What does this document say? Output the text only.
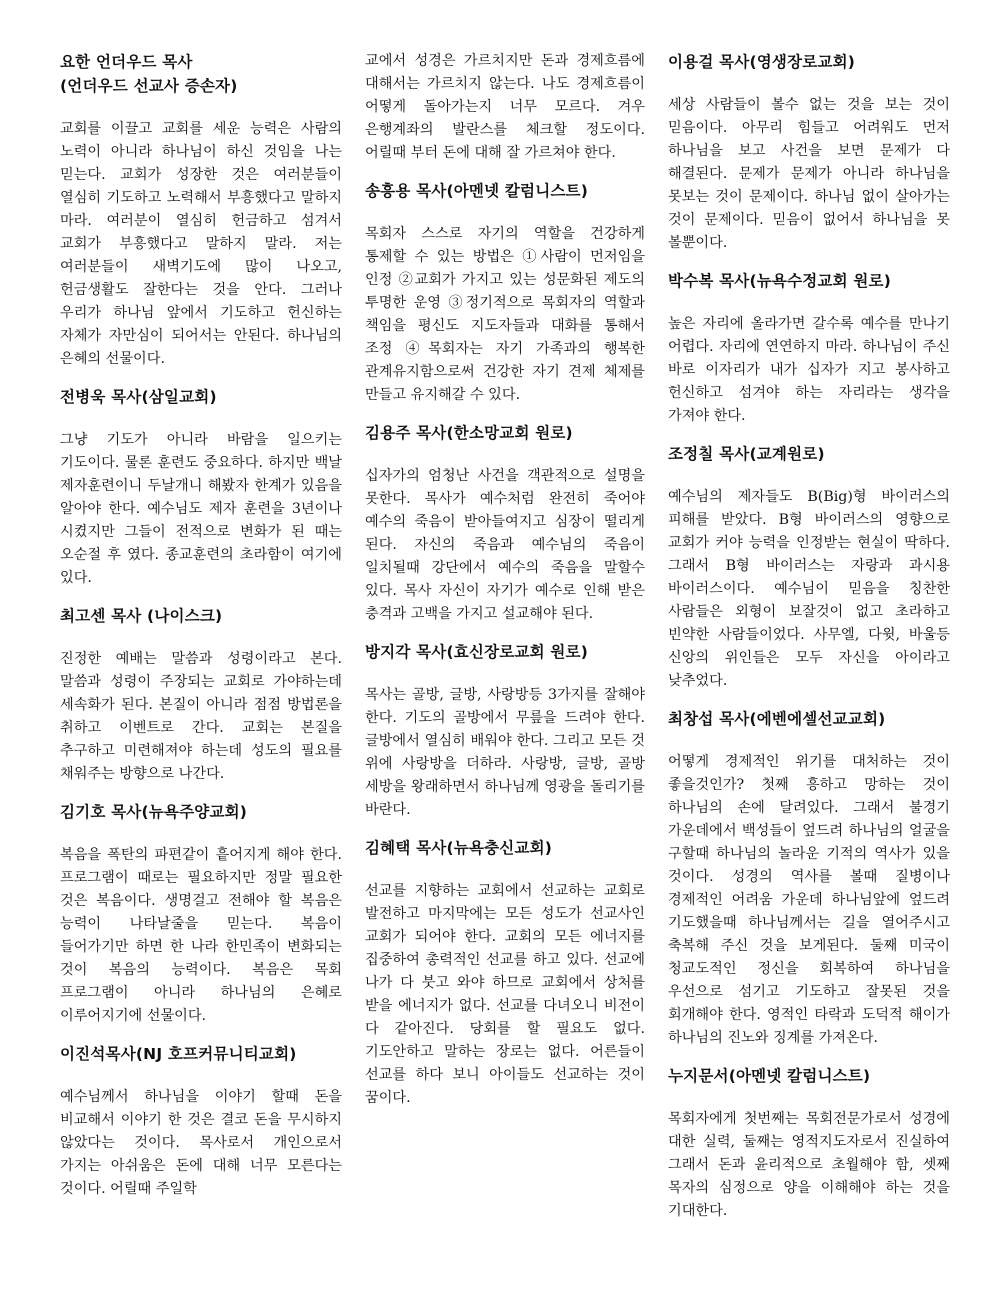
요한 언더우드 목사
(언더우드 선교사 증손자)

교회를 이끌고 교회를 세운 능력은 사람의 노력이 아니라 하나님이 하신 것임을 나는 믿는다. 교회가 성장한 것은 여러분들이 열심히 기도하고 노력해서 부흥했다고 말하지 마라. 여러분이 열심히 헌금하고 섬겨서 교회가 부흥했다고 말하지 말라. 저는 여러분들이 새벽기도에 많이 나오고, 헌금생활도 잘한다는 것을 안다. 그러나 우리가 하나님 앞에서 기도하고 헌신하는 자체가 자만심이 되어서는 안된다. 하나님의 은혜의 선물이다.

전병욱 목사(삼일교회)

그냥 기도가 아니라 바람을 일으키는 기도이다. 물론 훈련도 중요하다. 하지만 백날 제자훈련이니 두날개니 해봤자 한계가 있음을 알아야 한다. 예수님도 제자 훈련을 3년이나 시켰지만 그들이 전적으로 변화가 된 때는 오순절 후 였다. 종교훈련의 초라함이 여기에 있다.

최고센 목사 (나이스크)

진정한 예배는 말씀과 성령이라고 본다. 말씀과 성령이 주장되는 교회로 가야하는데 세속화가 된다. 본질이 아니라 점점 방법론을 취하고 이벤트로 간다. 교회는 본질을 추구하고 미련해져야 하는데 성도의 필요를 채워주는 방향으로 나간다.

김기호 목사(뉴욕주양교회)

복음을 폭탄의 파편같이 흩어지게 해야 한다. 프로그램이 때로는 필요하지만 정말 필요한 것은 복음이다. 생명걸고 전해야 할 복음은 능력이 나타날줄을 믿는다. 복음이 들어가기만 하면 한 나라 한민족이 변화되는 것이 복음의 능력이다. 복음은 목회 프로그램이 아니라 하나님의 은혜로 이루어지기에 선물이다.

이진석목사(NJ 호프커뮤니티교회)

예수님께서 하나님을 이야기 할때 돈을 비교해서 이야기 한 것은 결코 돈을 무시하지 않았다는 것이다. 목사로서 개인으로서 가지는 아쉬움은 돈에 대해 너무 모른다는 것이다. 어릴때 주일학

교에서 성경은 가르치지만 돈과 경제흐름에 대해서는 가르치지 않는다. 나도 경제흐름이 어떻게 돌아가는지 너무 모르다. 겨우 은행계좌의 발란스를 체크할 정도이다. 어릴때 부터 돈에 대해 잘 가르쳐야 한다.

송흥용 목사(아멘넷 칼럼니스트)

목회자 스스로 자기의 역할을 건강하게 통제할 수 있는 방법은 ①사람이 먼저임을 인정 ②교회가 가지고 있는 성문화된 제도의 투명한 운영 ③정기적으로 목회자의 역할과 책임을 평신도 지도자들과 대화를 통해서 조정 ④목회자는 자기 가족과의 행복한 관계유지함으로써 건강한 자기 견제 체제를 만들고 유지해갈 수 있다.

김용주 목사(한소망교회 원로)

십자가의 엄청난 사건을 객관적으로 설명을 못한다. 목사가 예수처럼 완전히 죽어야 예수의 죽음이 받아들여지고 심장이 떨리게 된다. 자신의 죽음과 예수님의 죽음이 일치될때 강단에서 예수의 죽음을 말할수 있다. 목사 자신이 자기가 예수로 인해 받은 충격과 고백을 가지고 설교해야 된다.

방지각 목사(효신장로교회 원로)

목사는 골방, 글방, 사랑방등 3가지를 잘해야 한다. 기도의 골방에서 무릎을 드려야 한다. 글방에서 열심히 배워야 한다. 그리고 모든 것 위에 사랑방을 더하라. 사랑방, 글방, 골방 세방을 왕래하면서 하나님께 영광을 돌리기를 바란다.

김혜택 목사(뉴욕충신교회)

선교를 지향하는 교회에서 선교하는 교회로 발전하고 마지막에는 모든 성도가 선교사인 교회가 되어야 한다. 교회의 모든 에너지를 집중하여 총력적인 선교를 하고 있다. 선교에 나가 다 붓고 와야 하므로 교회에서 상처를 받을 에너지가 없다. 선교를 다녀오니 비전이 다 같아진다. 당회를 할 필요도 없다. 기도안하고 말하는 장로는 없다. 어른들이 선교를 하다 보니 아이들도 선교하는 것이 꿈이다.

이용걸 목사(영생장로교회)

세상 사람들이 볼수 없는 것을 보는 것이 믿음이다. 아무리 힘들고 어려워도 먼저 하나님을 보고 사건을 보면 문제가 다 해결된다. 문제가 문제가 아니라 하나님을 못보는 것이 문제이다. 하나님 없이 살아가는 것이 문제이다. 믿음이 없어서 하나님을 못 볼뿐이다.

박수복 목사(뉴욕수정교회 원로)

높은 자리에 올라가면 갈수록 예수를 만나기 어렵다. 자리에 연연하지 마라. 하나님이 주신 바로 이자리가 내가 십자가 지고 봉사하고 헌신하고 섬겨야 하는 자리라는 생각을 가져야 한다.

조정칠 목사(교계원로)

예수님의 제자들도 B(Big)형 바이러스의 피해를 받았다. B형 바이러스의 영향으로 교회가 커야 능력을 인정받는 현실이 딱하다. 그래서 B형 바이러스는 자랑과 과시용 바이러스이다. 예수님이 믿음을 칭찬한 사람들은 외형이 보잘것이 없고 초라하고 빈약한 사람들이었다. 사무엘, 다윗, 바울등 신앙의 위인들은 모두 자신을 아이라고 낮추었다.

최창섭 목사(에벤에셀선교교회)

어떻게 경제적인 위기를 대처하는 것이 좋을것인가? 첫째 흥하고 망하는 것이 하나님의 손에 달려있다. 그래서 불경기 가운데에서 백성들이 엎드려 하나님의 얼굴을 구할때 하나님의 놀라운 기적의 역사가 있을 것이다. 성경의 역사를 볼때 질병이나 경제적인 어려움 가운데 하나님앞에 엎드려 기도했을때 하나님께서는 길을 열어주시고 축복해 주신 것을 보게된다. 둘째 미국이 청교도적인 정신을 회복하여 하나님을 우선으로 섬기고 기도하고 잘못된 것을 회개해야 한다. 영적인 타락과 도덕적 해이가 하나님의 진노와 징계를 가져온다.

누지문서(아멘넷 칼럼니스트)

목회자에게 첫번째는 목회전문가로서 성경에 대한 실력, 둘째는 영적지도자로서 진실하여 그래서 돈과 윤리적으로 초월해야 함, 셋째 목자의 심정으로 양을 이해해야 하는 것을 기대한다.
